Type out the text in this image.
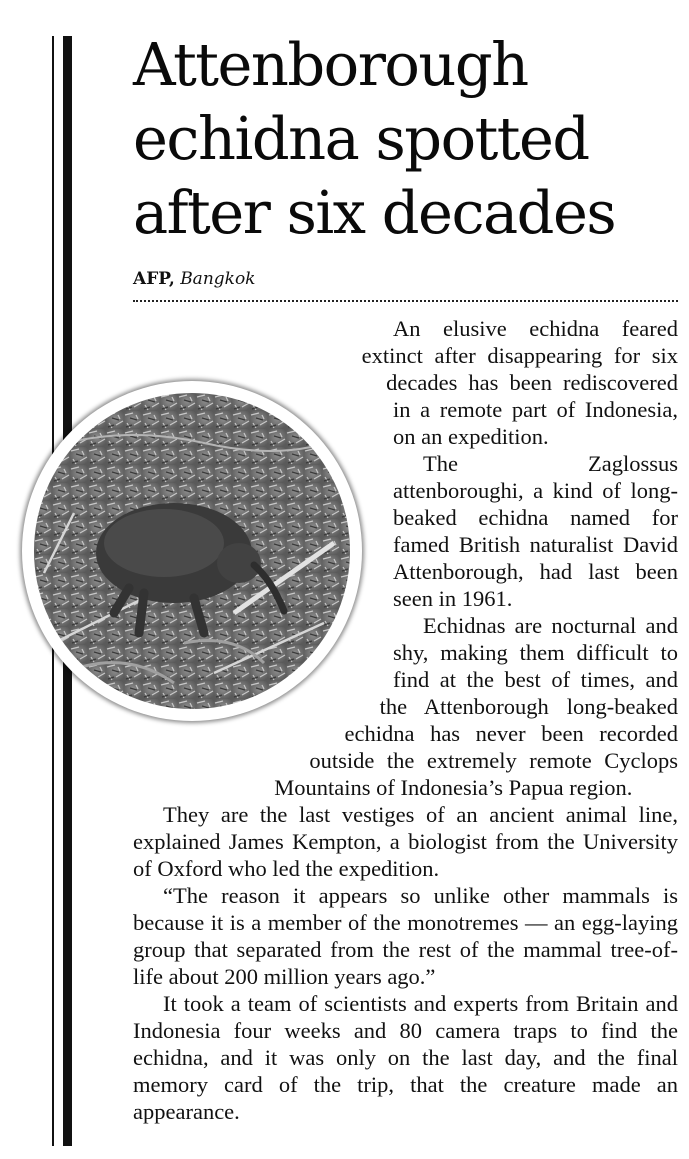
Attenborough echidna spotted after six decades
AFP, Bangkok

An elusive echidna feared extinct after disappearing for six decades has been rediscovered in a remote part of Indonesia, on an expedition.

The Zaglossus attenboroughi, a kind of long-beaked echidna named for famed British naturalist David Attenborough, had last been seen in 1961.

Echidnas are nocturnal and shy, making them difficult to find at the best of times, and the Attenborough long-beaked echidna has never been recorded outside the extremely remote Cyclops Mountains of Indonesia’s Papua region.

They are the last vestiges of an ancient animal line, explained James Kempton, a biologist from the University of Oxford who led the expedition.

“The reason it appears so unlike other mammals is because it is a member of the monotremes — an egg-laying group that separated from the rest of the mammal tree-of-life about 200 million years ago.”

It took a team of scientists and experts from Britain and Indonesia four weeks and 80 camera traps to find the echidna, and it was only on the last day, and the final memory card of the trip, that the creature made an appearance.
